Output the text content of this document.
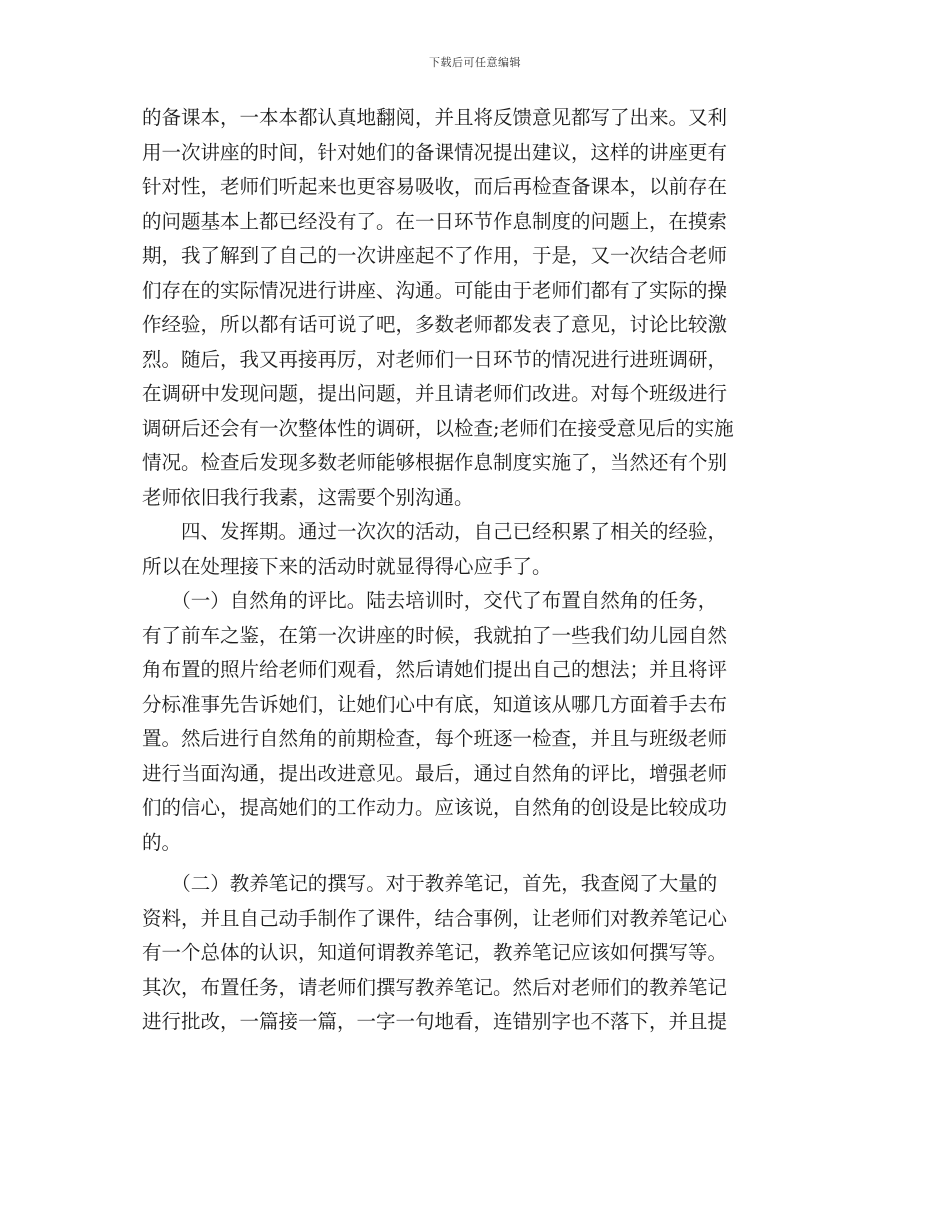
下载后可任意编辑
的备课本，一本本都认真地翻阅，并且将反馈意见都写了出来。又利
用一次讲座的时间，针对她们的备课情况提出建议，这样的讲座更有
针对性，老师们听起来也更容易吸收，而后再检查备课本，以前存在
的问题基本上都已经没有了。在一日环节作息制度的问题上，在摸索
期，我了解到了自己的一次讲座起不了作用，于是，又一次结合老师
们存在的实际情况进行讲座、沟通。可能由于老师们都有了实际的操
作经验，所以都有话可说了吧，多数老师都发表了意见，讨论比较激
烈。随后，我又再接再厉，对老师们一日环节的情况进行进班调研，
在调研中发现问题，提出问题，并且请老师们改进。对每个班级进行
调研后还会有一次整体性的调研，以检查;老师们在接受意见后的实施
情况。检查后发现多数老师能够根据作息制度实施了，当然还有个别
老师依旧我行我素，这需要个别沟通。
　　四、发挥期。通过一次次的活动，自己已经积累了相关的经验，
所以在处理接下来的活动时就显得得心应手了。
　　（一）自然角的评比。陆去培训时，交代了布置自然角的任务，
有了前车之鉴，在第一次讲座的时候，我就拍了一些我们幼儿园自然
角布置的照片给老师们观看，然后请她们提出自己的想法；并且将评
分标准事先告诉她们，让她们心中有底，知道该从哪几方面着手去布
置。然后进行自然角的前期检查，每个班逐一检查，并且与班级老师
进行当面沟通，提出改进意见。最后，通过自然角的评比，增强老师
们的信心，提高她们的工作动力。应该说，自然角的创设是比较成功
的。
　　（二）教养笔记的撰写。对于教养笔记，首先，我查阅了大量的
资料，并且自己动手制作了课件，结合事例，让老师们对教养笔记心
有一个总体的认识，知道何谓教养笔记，教养笔记应该如何撰写等。
其次，布置任务，请老师们撰写教养笔记。然后对老师们的教养笔记
进行批改，一篇接一篇，一字一句地看，连错别字也不落下，并且提
